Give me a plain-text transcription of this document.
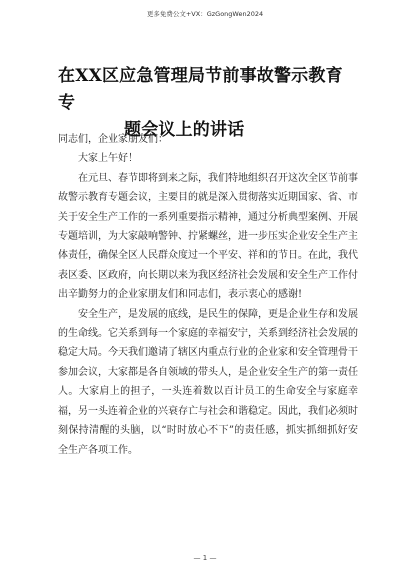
更多免费公文+VX：GzGongWen2024
在XX区应急管理局节前事故警示教育专
题会议上的讲话

同志们，企业家朋友们：

大家上午好！

在元旦、春节即将到来之际，我们特地组织召开这次全区节前事故警示教育专题会议，主要目的就是深入贯彻落实近期国家、省、市关于安全生产工作的一系列重要指示精神，通过分析典型案例、开展专题培训，为大家敲响警钟、拧紧螺丝，进一步压实企业安全生产主体责任，确保全区人民群众度过一个平安、祥和的节日。在此，我代表区委、区政府，向长期以来为我区经济社会发展和安全生产工作付出辛勤努力的企业家朋友们和同志们，表示衷心的感谢!

安全生产，是发展的底线，是民生的保障，更是企业生存和发展的生命线。它关系到每一个家庭的幸福安宁，关系到经济社会发展的稳定大局。今天我们邀请了辖区内重点行业的企业家和安全管理骨干参加会议，大家都是各自领域的带头人，是企业安全生产的第一责任人。大家肩上的担子，一头连着数以百计员工的生命安全与家庭幸福，另一头连着企业的兴衰存亡与社会和谐稳定。因此，我们必须时刻保持清醒的头脑，以“时时放心不下”的责任感，抓实抓细抓好安全生产各项工作。

— 1 —
